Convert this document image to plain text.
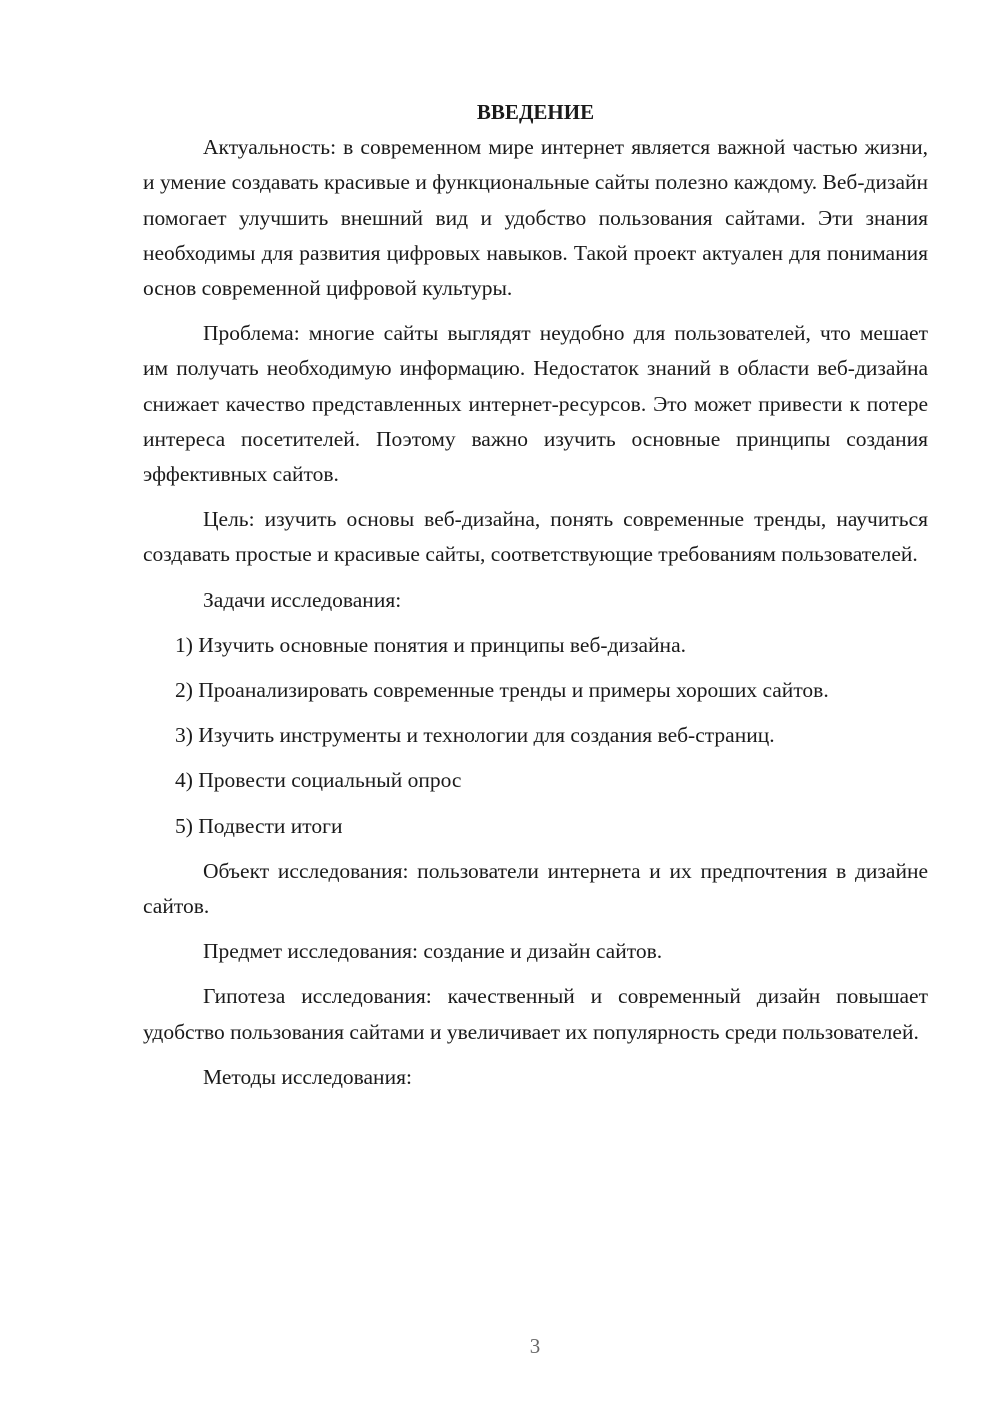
ВВЕДЕНИЕ

Актуальность: в современном мире интернет является важной частью жизни, и умение создавать красивые и функциональные сайты полезно каждому. Веб-дизайн помогает улучшить внешний вид и удобство пользования сайтами. Эти знания необходимы для развития цифровых навыков. Такой проект актуален для понимания основ современной цифровой культуры.

Проблема: многие сайты выглядят неудобно для пользователей, что мешает им получать необходимую информацию. Недостаток знаний в области веб-дизайна снижает качество представленных интернет-ресурсов. Это может привести к потере интереса посетителей. Поэтому важно изучить основные принципы создания эффективных сайтов.

Цель: изучить основы веб-дизайна, понять современные тренды, научиться создавать простые и красивые сайты, соответствующие требованиям пользователей.

Задачи исследования:

1) Изучить основные понятия и принципы веб-дизайна.

2) Проанализировать современные тренды и примеры хороших сайтов.

3) Изучить инструменты и технологии для создания веб-страниц.

4) Провести социальный опрос

5) Подвести итоги

Объект исследования: пользователи интернета и их предпочтения в дизайне сайтов.

Предмет исследования: создание и дизайн сайтов.

Гипотеза исследования: качественный и современный дизайн повышает удобство пользования сайтами и увеличивает их популярность среди пользователей.

Методы исследования:

3
